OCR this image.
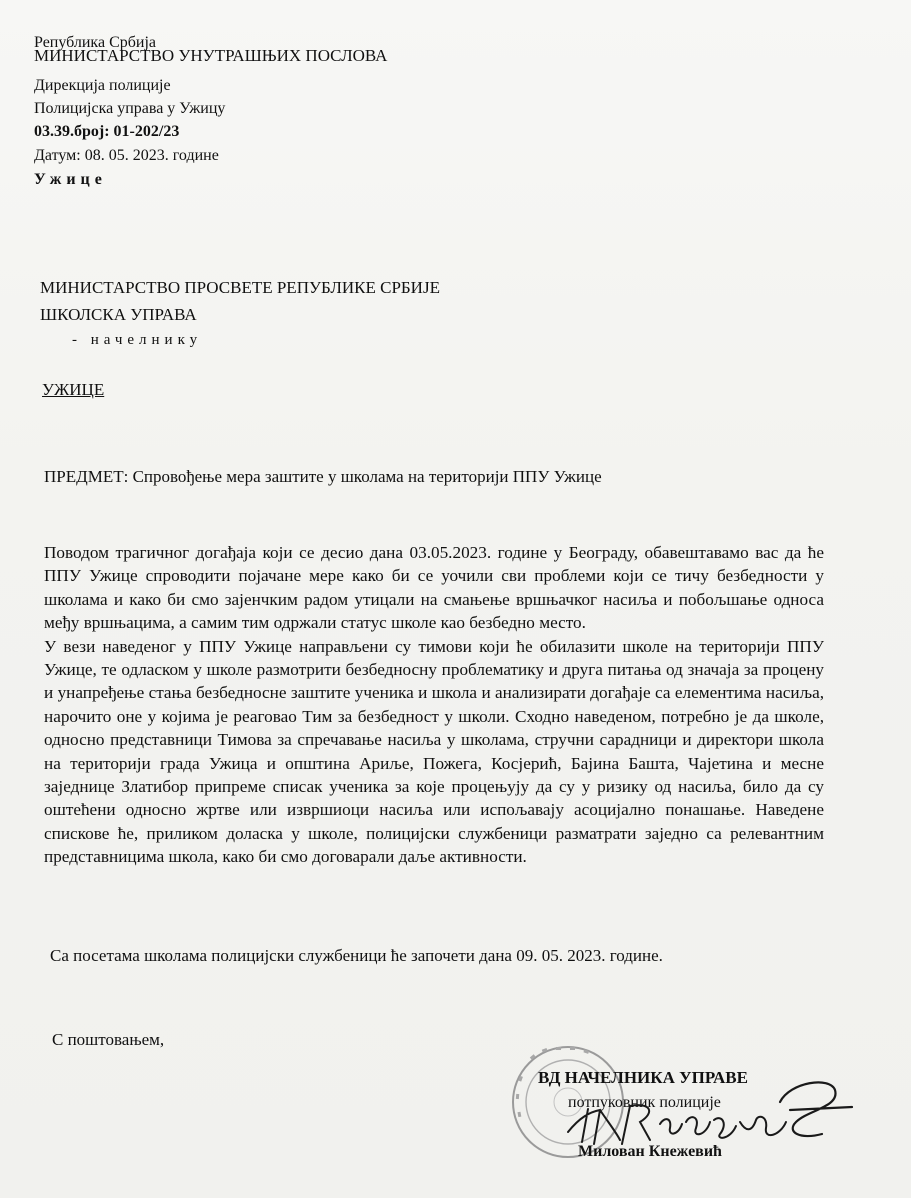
Република Србија
МИНИСТАРСТВО УНУТРАШЊИХ ПОСЛОВА
Дирекција полиције
Полицијска управа у Ужицу
03.39.број: 01-202/23
Датум: 08. 05. 2023. године
Ужице
МИНИСТАРСТВО ПРОСВЕТЕ РЕПУБЛИКЕ СРБИЈЕ
ШКОЛСКА УПРАВА
- начелнику
УЖИЦЕ
ПРЕДМЕТ: Спровођење мера заштите у школама на територији ППУ Ужице

Поводом трагичног догађаја који се десио дана 03.05.2023. године у Београду, обавештавамо вас да ће ППУ Ужице спроводити појачане мере како би се уочили сви проблеми који се тичу безбедности у школама и како би смо зајенчким радом утицали на смањење вршњачког насиља и побољшање односа међу вршњацима, а самим тим одржали статус школе као безбедно место.

У вези наведеног у ППУ Ужице направљени су тимови који ће обилазити школе на територији ППУ Ужице, те одласком у школе размотрити безбедносну проблематику и друга питања од значаја за процену и унапређење стања безбедносне заштите ученика и школа и анализирати догађаје са елементима насиља, нарочито оне у којима је реаговао Тим за безбедност у школи. Сходно наведеном, потребно је да школе, односно представници Тимова за спречавање насиља у школама, стручни сарадници и директори школа на територији града Ужица и општина Ариље, Пожега, Косјерић, Бајина Башта, Чајетина и месне заједнице Златибор припреме списак ученика за које процењују да су у ризику од насиља, било да су оштећени односно жртве или извршиоци насиља или испољавају асоцијално понашање. Наведене спискове ће, приликом доласка у школе, полицијски службеници разматрати заједно са релевантним представницима школа, како би смо договарали даље активности.

Са посетама школама полицијски службеници ће започети дана 09. 05. 2023. године.
С поштовањем,
ВД НАЧЕЛНИКА УПРАВЕ
потпуковник полиције
Милован Кнежевић
